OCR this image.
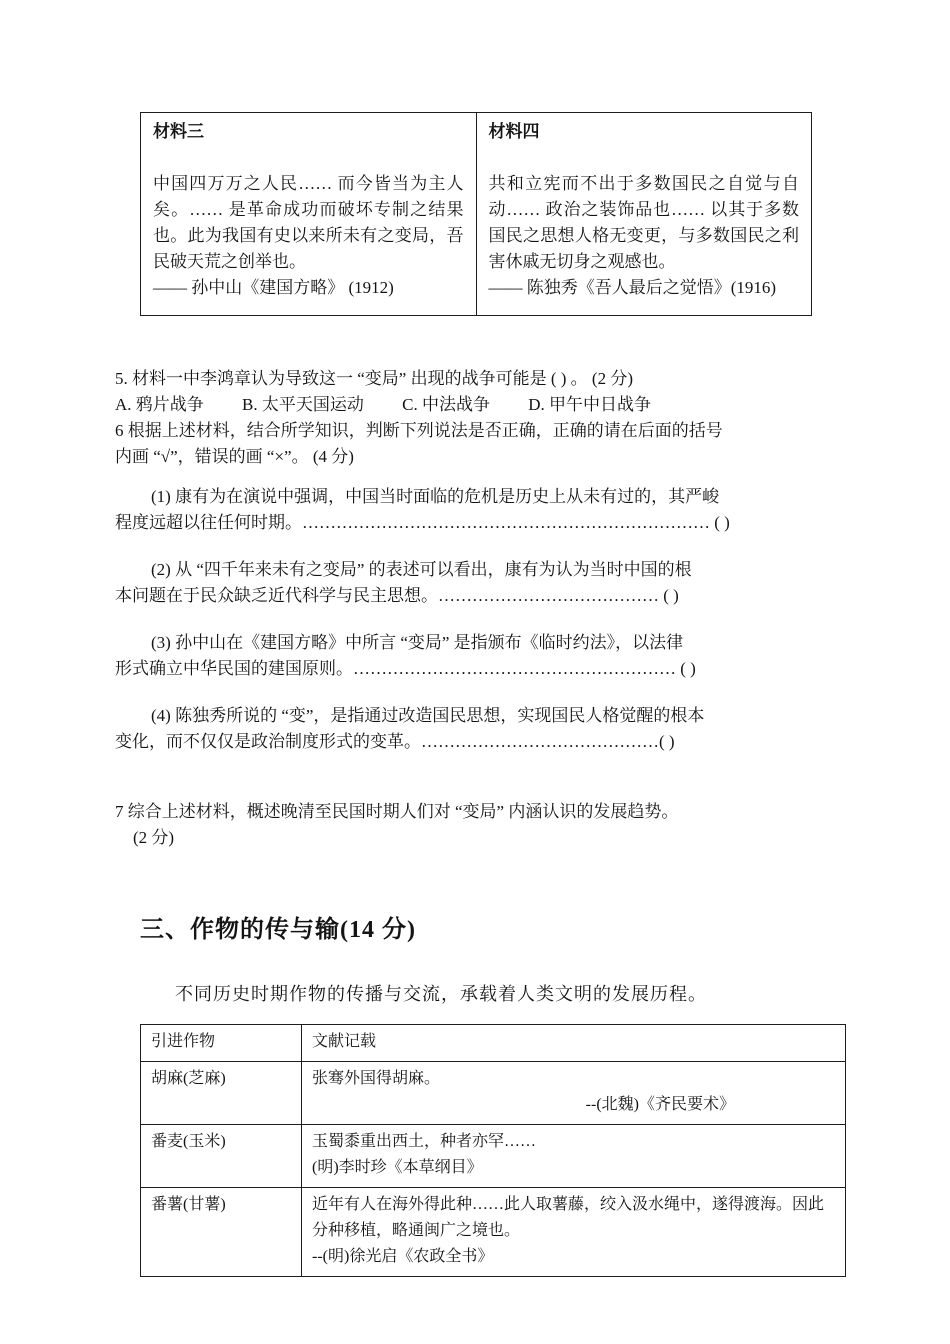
材料三
中国四万万之人民…… 而今皆当为主人矣。…… 是革命成功而破坏专制之结果也。此为我国有史以来所未有之变局，吾民破天荒之创举也。
—— 孙中山《建国方略》 (1912)

材料四
共和立宪而不出于多数国民之自觉与自动…… 政治之装饰品也…… 以其于多数国民之思想人格无变更，与多数国民之利害休戚无切身之观感也。
—— 陈独秀《吾人最后之觉悟》(1916)
5. 材料一中李鸿章认为导致这一 “变局” 出现的战争可能是 ( ) 。 (2 分)
A. 鸦片战争 B. 太平天国运动 C. 中法战争 D. 甲午中日战争
6 根据上述材料，结合所学知识，判断下列说法是否正确，正确的请在后面的括号
内画 “√”，错误的画 “×”。 (4 分)
(1) 康有为在演说中强调，中国当时面临的危机是历史上从未有过的，其严峻
程度远超以往任何时期。……………………………………………………………… ( )
(2) 从 “四千年来未有之变局” 的表述可以看出，康有为认为当时中国的根
本问题在于民众缺乏近代科学与民主思想。………………………………… ( )
(3) 孙中山在《建国方略》中所言 “变局” 是指颁布《临时约法》，以法律
形式确立中华民国的建国原则。………………………………………………… ( )
(4) 陈独秀所说的 “变”，是指通过改造国民思想，实现国民人格觉醒的根本
变化，而不仅仅是政治制度形式的变革。……………………………………( )
7 综合上述材料，概述晚清至民国时期人们对 “变局” 内涵认识的发展趋势。
(2 分)
三、作物的传与输(14 分)
不同历史时期作物的传播与交流，承载着人类文明的发展历程。
引进作物	文献记载
胡麻(芝麻)	张骞外国得胡麻。
--(北魏)《齐民要术》

番麦(玉米)	玉蜀黍重出西土，种者亦罕……
(明)李时珍《本草纲目》

番薯(甘薯)	近年有人在海外得此种……此人取薯藤，绞入汲水绳中，遂得渡海。因此分种移植，略通闽广之境也。
--(明)徐光启《农政全书》
